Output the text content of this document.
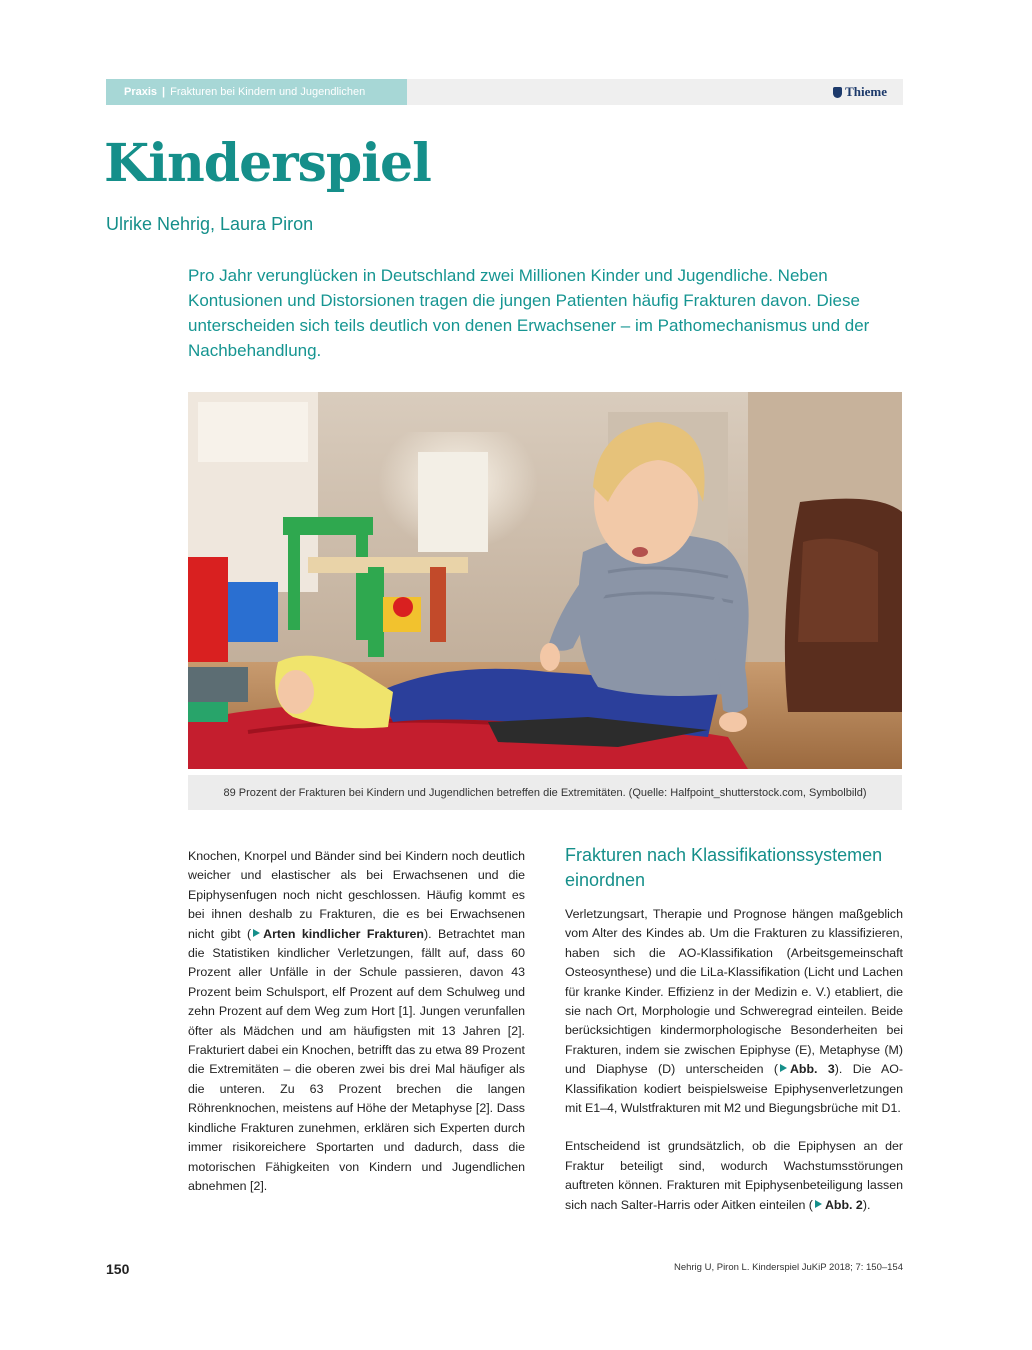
Praxis | Frakturen bei Kindern und Jugendlichen	Thieme
Kinderspiel
Ulrike Nehrig, Laura Piron

Pro Jahr verunglücken in Deutschland zwei Millionen Kinder und Jugendliche. Neben Kontusionen und Distorsionen tragen die jungen Patienten häufig Frakturen davon. Diese unterscheiden sich teils deutlich von denen Erwachsener – im Pathomechanismus und der Nachbehandlung.

89 Prozent der Frakturen bei Kindern und Jugendlichen betreffen die Extremitäten. (Quelle: Halfpoint_shutterstock.com, Symbolbild)

Knochen, Knorpel und Bänder sind bei Kindern noch deutlich weicher und elastischer als bei Erwachsenen und die Epiphysenfugen noch nicht geschlossen. Häufig kommt es bei ihnen deshalb zu Frakturen, die es bei Erwachsenen nicht gibt ( Arten kindlicher Frakturen). Betrachtet man die Statistiken kindlicher Verletzungen, fällt auf, dass 60 Prozent aller Unfälle in der Schule passieren, davon 43 Prozent beim Schulsport, elf Prozent auf dem Schulweg und zehn Prozent auf dem Weg zum Hort [1]. Jungen verunfallen öfter als Mädchen und am häufigsten mit 13 Jahren [2]. Frakturiert dabei ein Knochen, betrifft das zu etwa 89 Prozent die Extremitäten – die oberen zwei bis drei Mal häufiger als die unteren. Zu 63 Prozent brechen die langen Röhrenknochen, meistens auf Höhe der Metaphyse [2]. Dass kindliche Frakturen zunehmen, erklären sich Experten durch immer risikoreichere Sportarten und dadurch, dass die motorischen Fähigkeiten von Kindern und Jugendlichen abnehmen [2].

Frakturen nach Klassifikationssystemen einordnen

Verletzungsart, Therapie und Prognose hängen maßgeblich vom Alter des Kindes ab. Um die Frakturen zu klassifizieren, haben sich die AO-Klassifikation (Arbeitsgemeinschaft Osteosynthese) und die LiLa-Klassifikation (Licht und Lachen für kranke Kinder. Effizienz in der Medizin e. V.) etabliert, die sie nach Ort, Morphologie und Schweregrad einteilen. Beide berücksichtigen kindermorphologische Besonderheiten bei Frakturen, indem sie zwischen Epiphyse (E), Metaphyse (M) und Diaphyse (D) unterscheiden ( Abb. 3). Die AO-Klassifikation kodiert beispielsweise Epiphysenverletzungen mit E1–4, Wulstfrakturen mit M2 und Biegungsbrüche mit D1.

Entscheidend ist grundsätzlich, ob die Epiphysen an der Fraktur beteiligt sind, wodurch Wachstumsstörungen auftreten können. Frakturen mit Epiphysenbeteiligung lassen sich nach Salter-Harris oder Aitken einteilen ( Abb. 2).

150	Nehrig U, Piron L. Kinderspiel JuKiP 2018; 7: 150–154
